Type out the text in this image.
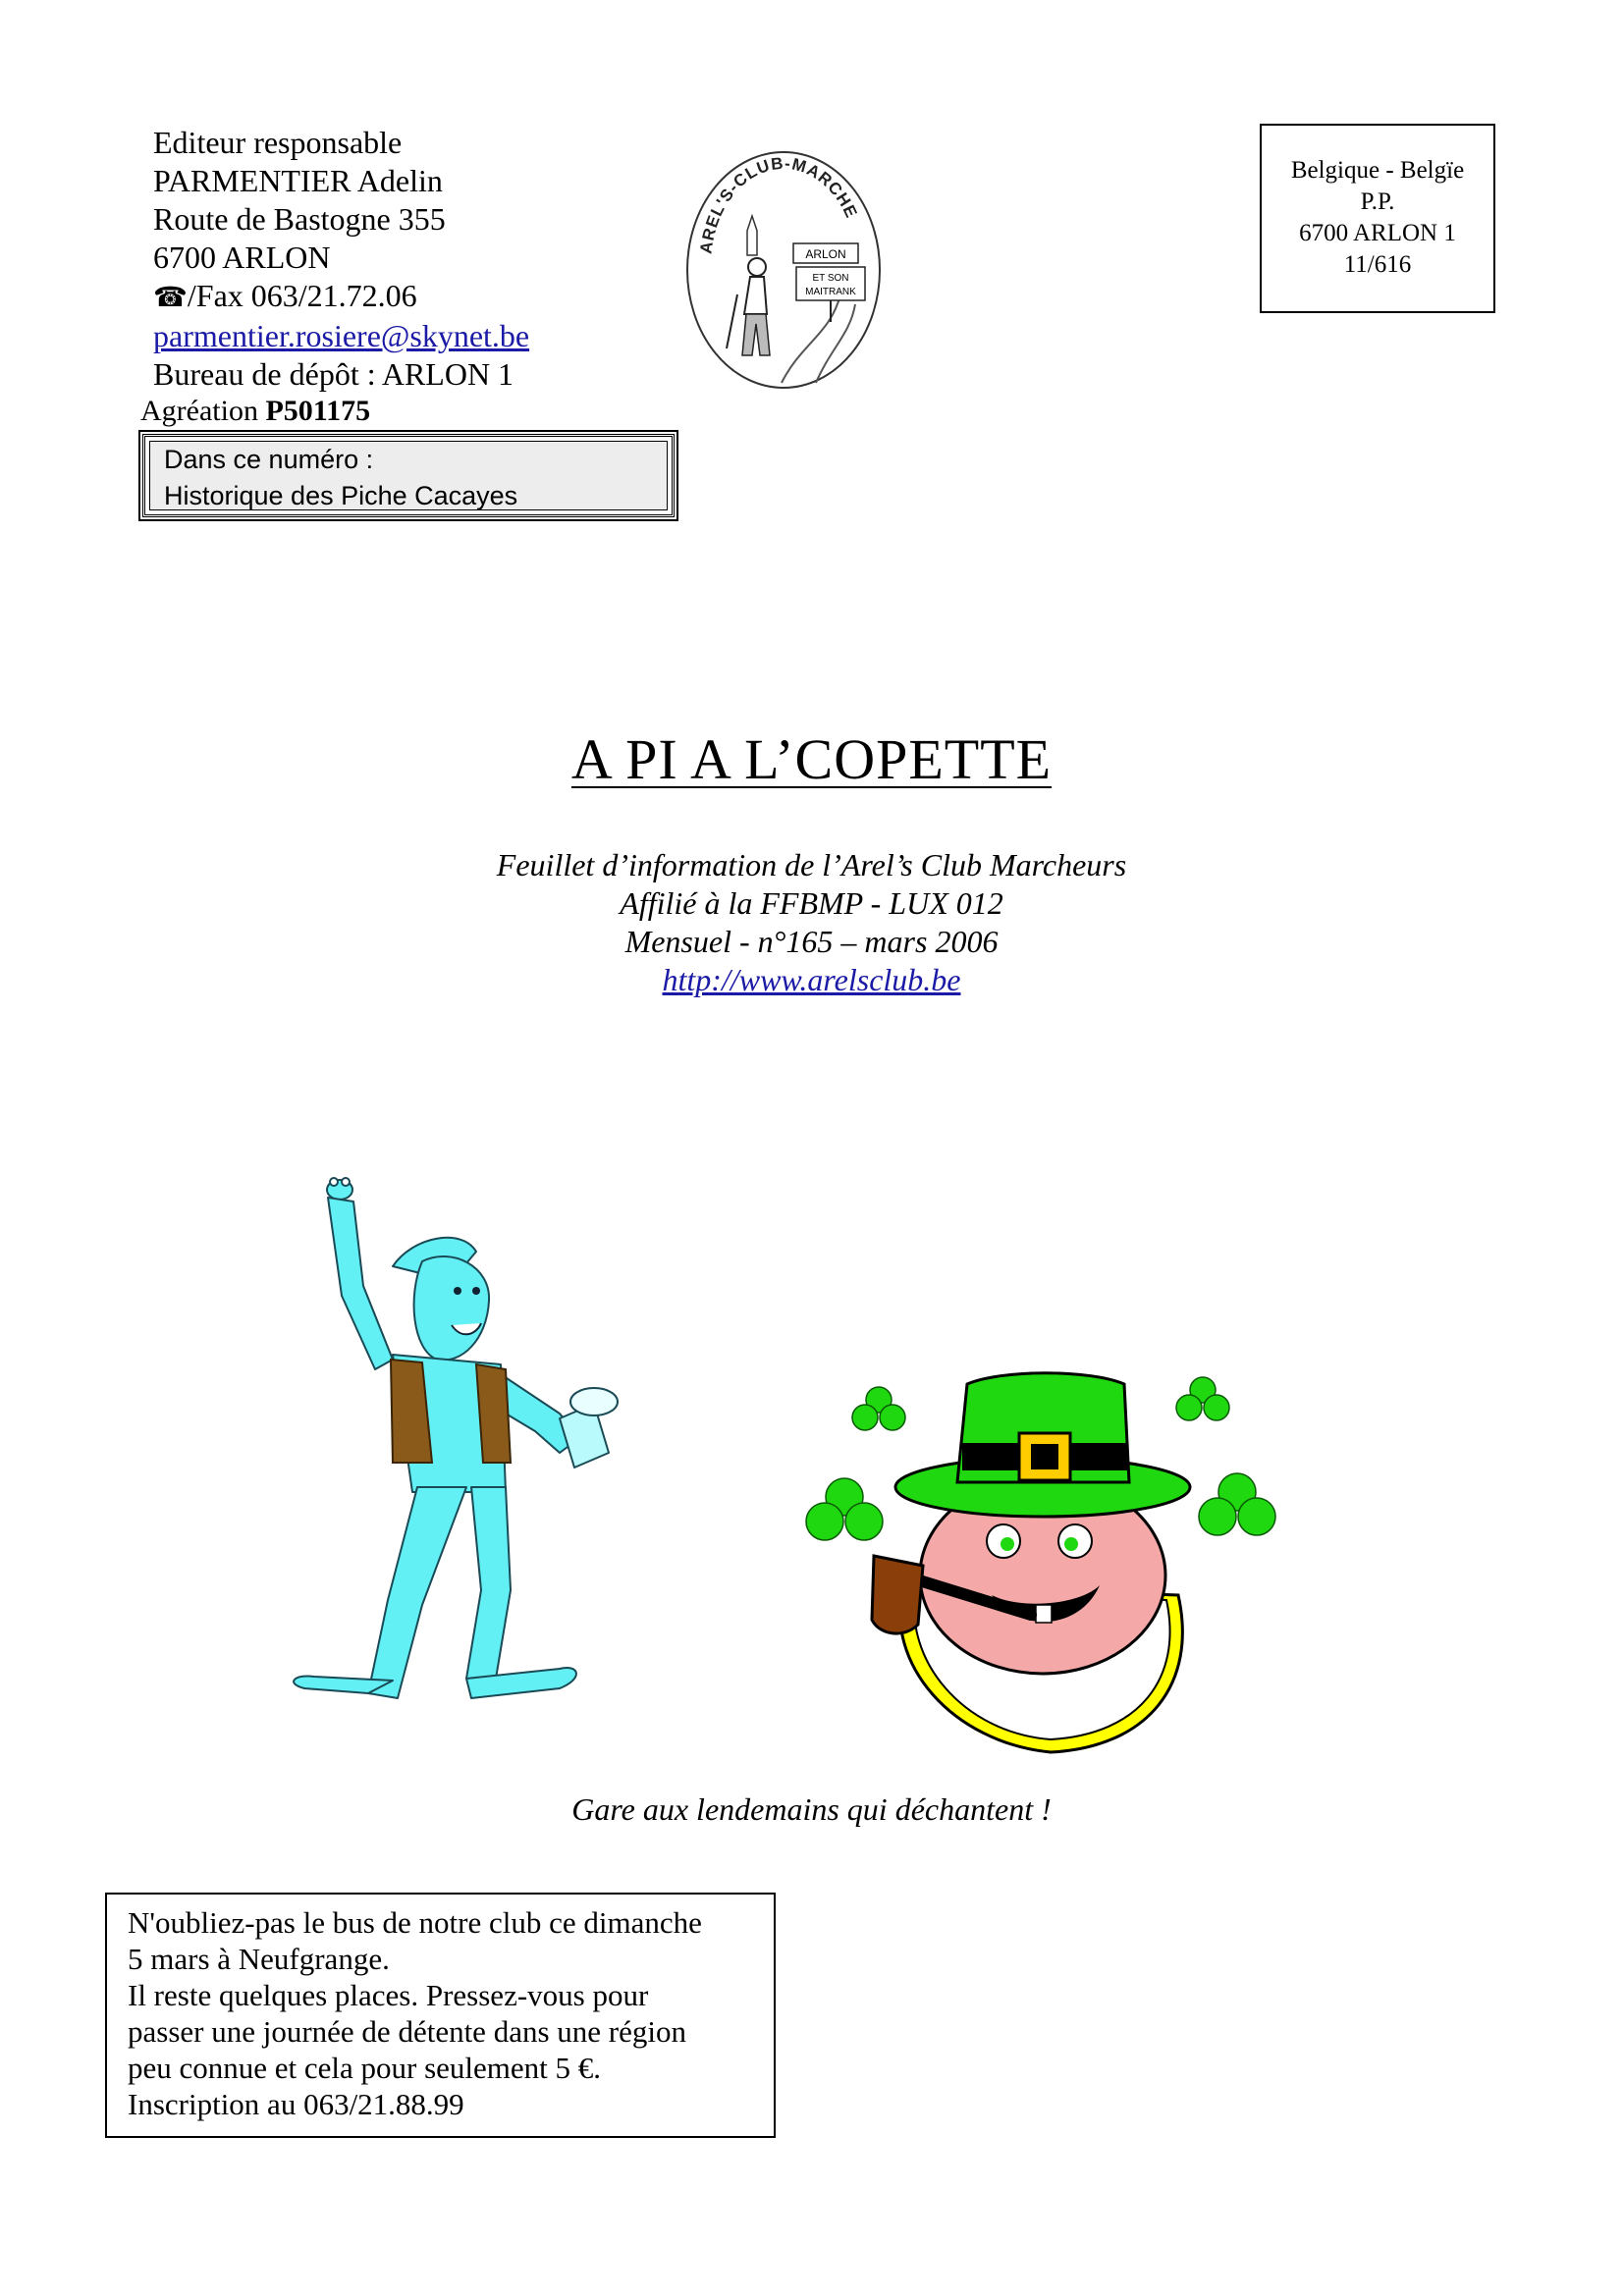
Editeur responsable
PARMENTIER Adelin
Route de Bastogne 355
6700 ARLON
☎/Fax 063/21.72.06
parmentier.rosiere@skynet.be
Bureau de dépôt : ARLON 1
Agréation P501175
Dans ce numéro :
Historique des Piche Cacayes
AREL'S-CLUB-MARCHE
ARLON
ET SON
MAITRANK
Belgique - Belgïe
P.P.
6700 ARLON 1
11/616
A PI A L’COPETTE
Feuillet d’information de l’Arel’s Club Marcheurs
Affilié à la FFBMP - LUX 012
Mensuel - n°165 – mars 2006
http://www.arelsclub.be
Gare aux lendemains qui déchantent !
N'oubliez-pas le bus de notre club ce dimanche
5 mars à Neufgrange.
Il reste quelques places. Pressez-vous pour
passer une journée de détente dans une région
peu connue et cela pour seulement 5 €.
Inscription au 063/21.88.99
